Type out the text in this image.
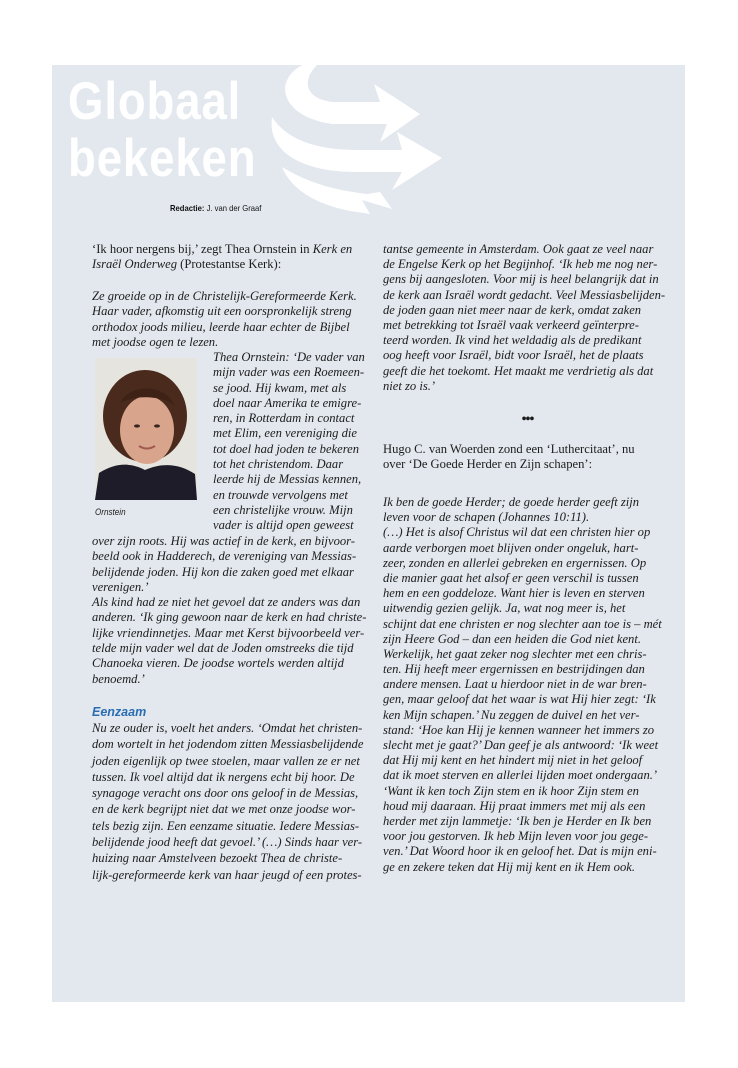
Globaal
bekeken
Redactie: J. van der Graaf
‘Ik hoor nergens bij,’ zegt Thea Ornstein in Kerk en
Israël Onderweg (Protestantse Kerk):
Ze groeide op in de Christelijk-Gereformeerde Kerk.
Haar vader, afkomstig uit een oorspronkelijk streng
orthodox joods milieu, leerde haar echter de Bijbel
met joodse ogen te lezen.
Ornstein
Thea Ornstein: ‘De vader van
mijn vader was een Roemeen-
se jood. Hij kwam, met als
doel naar Amerika te emigre-
ren, in Rotterdam in contact
met Elim, een vereniging die
tot doel had joden te bekeren
tot het christendom. Daar
leerde hij de Messias kennen,
en trouwde vervolgens met
een christelijke vrouw. Mijn
vader is altijd open geweest
over zijn roots. Hij was actief in de kerk, en bijvoor-
beeld ook in Hadderech, de vereniging van Messias-
belijdende joden. Hij kon die zaken goed met elkaar
verenigen.’
Als kind had ze niet het gevoel dat ze anders was dan
anderen. ‘Ik ging gewoon naar de kerk en had christe-
lijke vriendinnetjes. Maar met Kerst bijvoorbeeld ver-
telde mijn vader wel dat de Joden omstreeks die tijd
Chanoeka vieren. De joodse wortels werden altijd
benoemd.’
Eenzaam
Nu ze ouder is, voelt het anders. ‘Omdat het christen-
dom wortelt in het jodendom zitten Messiasbelijdende
joden eigenlijk op twee stoelen, maar vallen ze er net
tussen. Ik voel altijd dat ik nergens echt bij hoor. De
synagoge veracht ons door ons geloof in de Messias,
en de kerk begrijpt niet dat we met onze joodse wor-
tels bezig zijn. Een eenzame situatie. Iedere Messias-
belijdende jood heeft dat gevoel.’ (…) Sinds haar ver-
huizing naar Amstelveen bezoekt Thea de christe-
lijk-gereformeerde kerk van haar jeugd of een protes-
tantse gemeente in Amsterdam. Ook gaat ze veel naar
de Engelse Kerk op het Begijnhof. ‘Ik heb me nog ner-
gens bij aangesloten. Voor mij is heel belangrijk dat in
de kerk aan Israël wordt gedacht. Veel Messiasbelijden-
de joden gaan niet meer naar de kerk, omdat zaken
met betrekking tot Israël vaak verkeerd geïnterpre-
teerd worden. Ik vind het weldadig als de predikant
oog heeft voor Israël, bidt voor Israël, het de plaats
geeft die het toekomt. Het maakt me verdrietig als dat
niet zo is.’
•••
Hugo C. van Woerden zond een ‘Luthercitaat’, nu
over ‘De Goede Herder en Zijn schapen’:
Ik ben de goede Herder; de goede herder geeft zijn
leven voor de schapen (Johannes 10:11).
(…) Het is alsof Christus wil dat een christen hier op
aarde verborgen moet blijven onder ongeluk, hart-
zeer, zonden en allerlei gebreken en ergernissen. Op
die manier gaat het alsof er geen verschil is tussen
hem en een goddeloze. Want hier is leven en sterven
uitwendig gezien gelijk. Ja, wat nog meer is, het
schijnt dat ene christen er nog slechter aan toe is – mét
zijn Heere God – dan een heiden die God niet kent.
Werkelijk, het gaat zeker nog slechter met een chris-
ten. Hij heeft meer ergernissen en bestrijdingen dan
andere mensen. Laat u hierdoor niet in de war bren-
gen, maar geloof dat het waar is wat Hij hier zegt: ‘Ik
ken Mijn schapen.’ Nu zeggen de duivel en het ver-
stand: ‘Hoe kan Hij je kennen wanneer het immers zo
slecht met je gaat?’ Dan geef je als antwoord: ‘Ik weet
dat Hij mij kent en het hindert mij niet in het geloof
dat ik moet sterven en allerlei lijden moet ondergaan.’
‘Want ik ken toch Zijn stem en ik hoor Zijn stem en
houd mij daaraan. Hij praat immers met mij als een
herder met zijn lammetje: ‘Ik ben je Herder en Ik ben
voor jou gestorven. Ik heb Mijn leven voor jou gege-
ven.’ Dat Woord hoor ik en geloof het. Dat is mijn eni-
ge en zekere teken dat Hij mij kent en ik Hem ook.
